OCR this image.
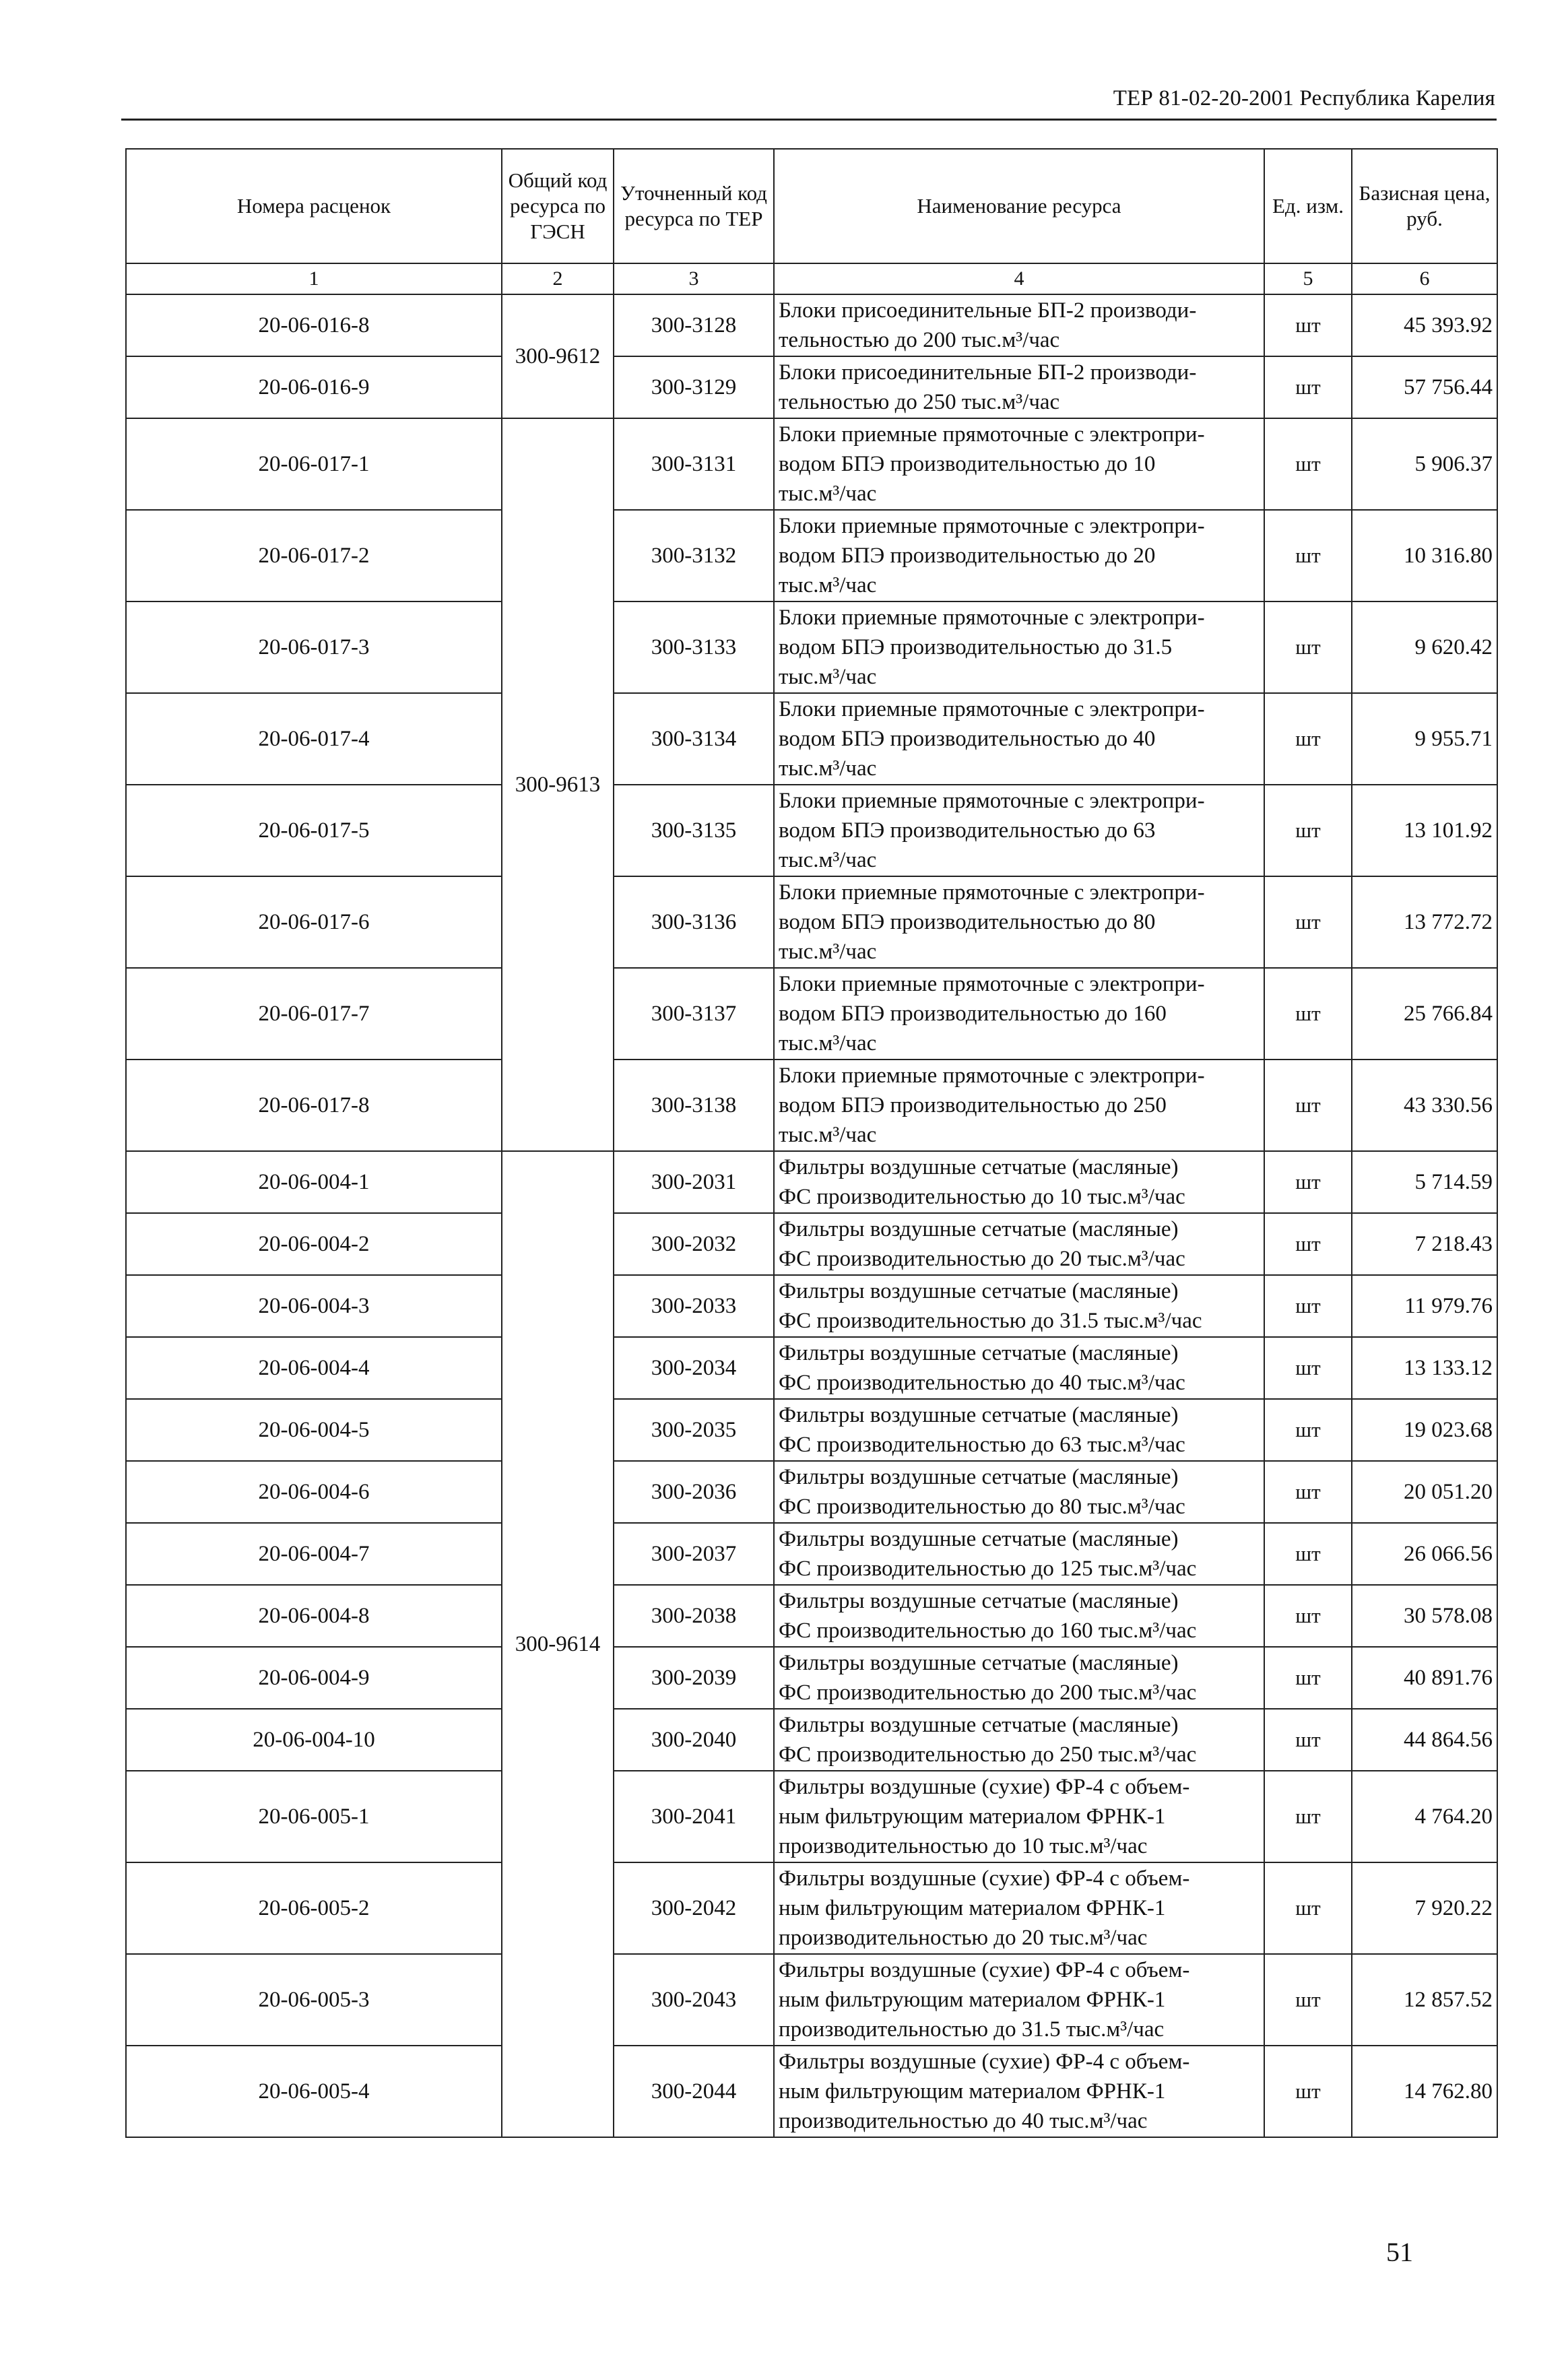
ТЕР 81-02-20-2001 Республика Карелия
Номера расценок	Общий код ресурса по ГЭСН	Уточненный код ресурса по ТЕР	Наименование ресурса	Ед. изм.	Базисная цена, руб.
1	2	3	4	5	6
20-06-016-8	300-9612	300-3128	Блоки присоединительные БП-2 производи-
тельностью до 200 тыс.м³/час	шт	45 393.92
20-06-016-9		300-3129	Блоки присоединительные БП-2 производи-
тельностью до 250 тыс.м³/час	шт	57 756.44
20-06-017-1	300-9613	300-3131	Блоки приемные прямоточные с электропри-
водом БПЭ производительностью до 10
тыс.м³/час	шт	5 906.37
20-06-017-2		300-3132	Блоки приемные прямоточные с электропри-
водом БПЭ производительностью до 20
тыс.м³/час	шт	10 316.80
20-06-017-3		300-3133	Блоки приемные прямоточные с электропри-
водом БПЭ производительностью до 31.5
тыс.м³/час	шт	9 620.42
20-06-017-4		300-3134	Блоки приемные прямоточные с электропри-
водом БПЭ производительностью до 40
тыс.м³/час	шт	9 955.71
20-06-017-5		300-3135	Блоки приемные прямоточные с электропри-
водом БПЭ производительностью до 63
тыс.м³/час	шт	13 101.92
20-06-017-6		300-3136	Блоки приемные прямоточные с электропри-
водом БПЭ производительностью до 80
тыс.м³/час	шт	13 772.72
20-06-017-7		300-3137	Блоки приемные прямоточные с электропри-
водом БПЭ производительностью до 160
тыс.м³/час	шт	25 766.84
20-06-017-8		300-3138	Блоки приемные прямоточные с электропри-
водом БПЭ производительностью до 250
тыс.м³/час	шт	43 330.56
20-06-004-1	300-9614	300-2031	Фильтры воздушные сетчатые (масляные)
ФС производительностью до 10 тыс.м³/час	шт	5 714.59
20-06-004-2		300-2032	Фильтры воздушные сетчатые (масляные)
ФС производительностью до 20 тыс.м³/час	шт	7 218.43
20-06-004-3		300-2033	Фильтры воздушные сетчатые (масляные)
ФС производительностью до 31.5 тыс.м³/час	шт	11 979.76
20-06-004-4		300-2034	Фильтры воздушные сетчатые (масляные)
ФС производительностью до 40 тыс.м³/час	шт	13 133.12
20-06-004-5		300-2035	Фильтры воздушные сетчатые (масляные)
ФС производительностью до 63 тыс.м³/час	шт	19 023.68
20-06-004-6		300-2036	Фильтры воздушные сетчатые (масляные)
ФС производительностью до 80 тыс.м³/час	шт	20 051.20
20-06-004-7		300-2037	Фильтры воздушные сетчатые (масляные)
ФС производительностью до 125 тыс.м³/час	шт	26 066.56
20-06-004-8		300-2038	Фильтры воздушные сетчатые (масляные)
ФС производительностью до 160 тыс.м³/час	шт	30 578.08
20-06-004-9		300-2039	Фильтры воздушные сетчатые (масляные)
ФС производительностью до 200 тыс.м³/час	шт	40 891.76
20-06-004-10		300-2040	Фильтры воздушные сетчатые (масляные)
ФС производительностью до 250 тыс.м³/час	шт	44 864.56
20-06-005-1		300-2041	Фильтры воздушные (сухие) ФР-4 с объем-
ным фильтрующим материалом ФРНК-1
производительностью до 10 тыс.м³/час	шт	4 764.20
20-06-005-2		300-2042	Фильтры воздушные (сухие) ФР-4 с объем-
ным фильтрующим материалом ФРНК-1
производительностью до 20 тыс.м³/час	шт	7 920.22
20-06-005-3		300-2043	Фильтры воздушные (сухие) ФР-4 с объем-
ным фильтрующим материалом ФРНК-1
производительностью до 31.5 тыс.м³/час	шт	12 857.52
20-06-005-4		300-2044	Фильтры воздушные (сухие) ФР-4 с объем-
ным фильтрующим материалом ФРНК-1
производительностью до 40 тыс.м³/час	шт	14 762.80
51
